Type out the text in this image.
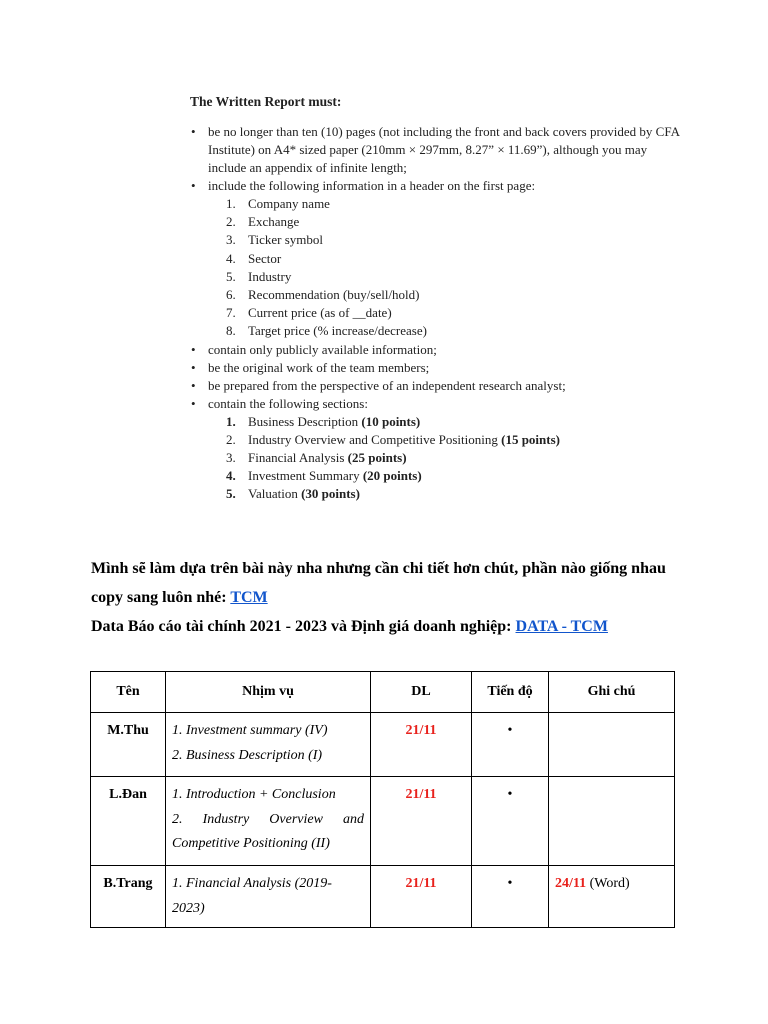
The Written Report must:

• be no longer than ten (10) pages (not including the front and back covers provided by CFA
Institute) on A4* sized paper (210mm × 297mm, 8.27” × 11.69”), although you may
include an appendix of infinite length;
• include the following information in a header on the first page:
1. Company name
2. Exchange
3. Ticker symbol
4. Sector
5. Industry
6. Recommendation (buy/sell/hold)
7. Current price (as of __date)
8. Target price (% increase/decrease)
• contain only publicly available information;
• be the original work of the team members;
• be prepared from the perspective of an independent research analyst;
• contain the following sections:
1. Business Description (10 points)
2. Industry Overview and Competitive Positioning (15 points)
3. Financial Analysis (25 points)
4. Investment Summary (20 points)
5. Valuation (30 points)

Mình sẽ làm dựa trên bài này nha nhưng cần chi tiết hơn chút, phần nào giống nhau

copy sang luôn nhé: TCM

Data Báo cáo tài chính 2021 - 2023 và Định giá doanh nghiệp: DATA - TCM

Tên	Nhịm vụ	DL	Tiến độ	Ghi chú
M.Thu	1. Investment summary (IV)
2. Business Description (I)	21/11	•	
L.Đan	1. Introduction + Conclusion
2. Industry Overview and
Competitive Positioning (II)	21/11	•	
B.Trang	1. Financial Analysis (2019-2023)	21/11	•	24/11 (Word)
